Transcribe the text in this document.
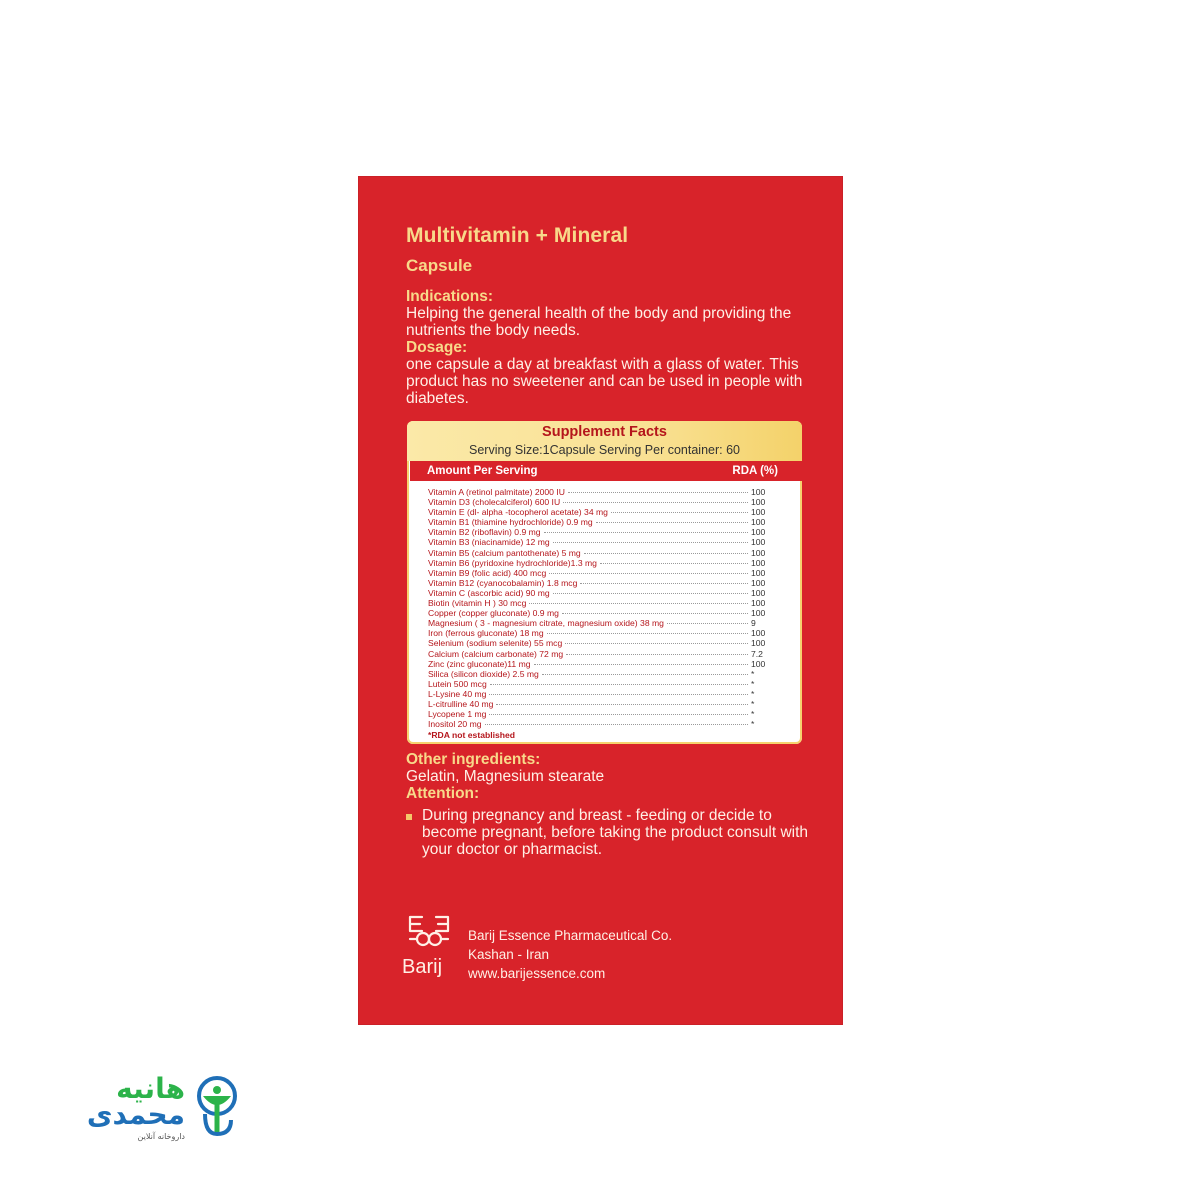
Multivitamin + Mineral
Capsule
Indications:
Helping the general health of the body and providing the nutrients the body needs.
Dosage:
one capsule a day at breakfast with a glass of water. This product has no sweetener and can be used in people with diabetes.
Supplement Facts
Serving Size:1Capsule Serving Per container: 60
Amount Per Serving	RDA (%)
Vitamin A (retinol palmitate) 2000 IU	100
Vitamin D3 (cholecalciferol) 600 IU	100
Vitamin E (dl- alpha -tocopherol acetate) 34 mg	100
Vitamin B1 (thiamine hydrochloride) 0.9 mg	100
Vitamin B2 (riboflavin) 0.9 mg	100
Vitamin B3 (niacinamide) 12 mg	100
Vitamin B5 (calcium pantothenate) 5 mg	100
Vitamin B6 (pyridoxine hydrochloride)1.3 mg	100
Vitamin B9 (folic acid) 400 mcg	100
Vitamin B12 (cyanocobalamin) 1.8 mcg	100
Vitamin C (ascorbic acid) 90 mg	100
Biotin (vitamin H ) 30 mcg	100
Copper (copper gluconate) 0.9 mg	100
Magnesium ( 3 - magnesium citrate, magnesium oxide) 38 mg	9
Iron (ferrous gluconate) 18 mg	100
Selenium (sodium selenite) 55 mcg	100
Calcium (calcium carbonate) 72 mg	7.2
Zinc (zinc gluconate)11 mg	100
Silica (silicon dioxide) 2.5 mg	*
Lutein 500 mcg	*
L-Lysine 40 mg	*
L-citrulline 40 mg	*
Lycopene 1 mg	*
Inositol 20 mg	*
*RDA not established
Other ingredients:
Gelatin, Magnesium stearate
Attention:
During pregnancy and breast - feeding or decide to become pregnant, before taking the product consult with your doctor or pharmacist.
Barij
Barij Essence Pharmaceutical Co.
Kashan - Iran
www.barijessence.com
هانیه
محمدی
داروخانه آنلاین
